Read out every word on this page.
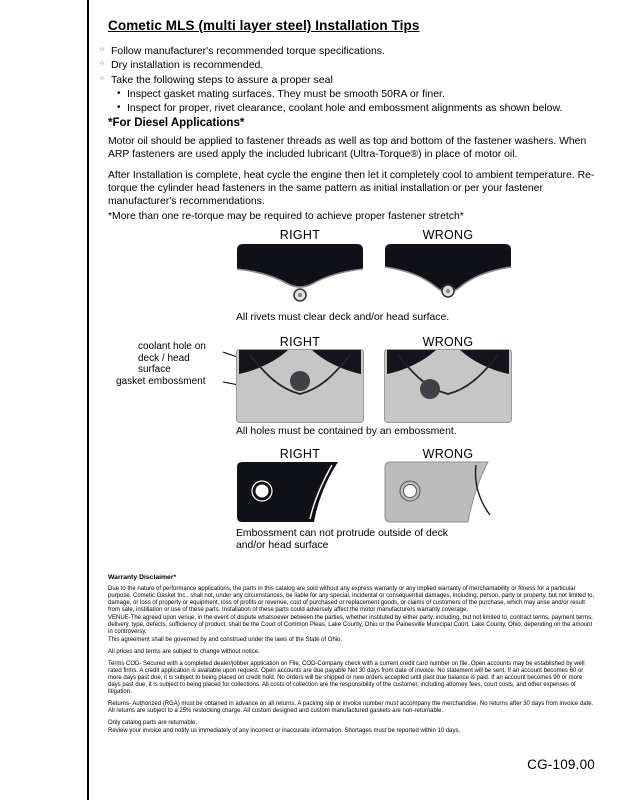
Cometic MLS (multi layer steel) Installation Tips
○ Follow manufacturer's recommended torque specifications.
○ Dry installation is recommended.
○ Take the following steps to assure a proper seal
• Inspect gasket mating surfaces. They must be smooth 50RA or finer.
• Inspect for proper, rivet clearance, coolant hole and embossment alignments as shown below.
*For Diesel Applications*
Motor oil should be applied to fastener threads as well as top and bottom of the fastener washers. When ARP fasteners are used apply the included lubricant (Ultra-Torque®) in place of motor oil.
After Installation is complete, heat cycle the engine then let it completely cool to ambient temperature. Re-torque the cylinder head fasteners in the same pattern as initial installation or per your fastener manufacturer's recommendations.
*More than one re-torque may be required to achieve proper fastener stretch*
RIGHT	WRONG
All rivets must clear deck and/or head surface.
RIGHT	WRONG
coolant hole on deck / head surface
gasket embossment
All holes must be contained by an embossment.
RIGHT	WRONG
Embossment can not protrude outside of deck and/or head surface
Warranty Disclaimer*

Due to the nature of performance applications, the parts in this catalog are sold without any express warranty or any implied warranty of merchantability or fitness for a particular purpose. Cometic Gasket Inc., shall not, under any circumstances, be liable for any special, incidental or consequential damages, including, person, party or property, but not limited to, damage, or loss of property or equipment, loss of profits or revenue, cost of purchased or replacement goods, or claims of customers of the purchase, which may arise and/or result from sale, instillation or use of these parts. Installation of these parts could adversely affect the motor manufacturers warranty coverage.

VENUE-The agreed upon venue, in the event of dispute whatsoever between the parties, whether instituted by either party, including, but not limited to, contract terms, payment terms, delivery, type, defects, sufficiency of product, shall be the Court of Common Pleas, Lake County, Ohio or the Painesville Municipal Court, Lake County, Ohio, depending on the amount in controversy.

This agreement shall be governed by and construed under the laws of the State of Ohio.

All prices and terms are subject to change without notice.

Terms COD- Secured with a completed dealer/jobber application on File, COD-Company check with a current credit card number on file. Open accounts may be established by well rated firms. A credit application is available upon request. Open accounts are due payable Net 30 days from date of invoice. No statement will be sent. If an account becomes 60 or more days past due, it is subject to being placed on credit hold. No orders will be shipped or new orders accepted until past due balance is paid. If an account becomes 90 or more days past due, it is subject to being placed for collections. All costs of collection are the responsibility of the customer, including attorney fees, court costs, and other expenses of litigation.

Returns- Authorized (RGA) must be obtained in advance on all returns. A packing slip or invoice number must accompany the merchandise. No returns after 30 days from invoice date. All returns are subject to a 25% restocking charge. All custom designed and custom manufactured gaskets are non-returnable.

Only catalog parts are returnable.

Review your invoice and notify us immediately of any incorrect or inaccurate information. Shortages must be reported within 10 days.

CG-109.00
